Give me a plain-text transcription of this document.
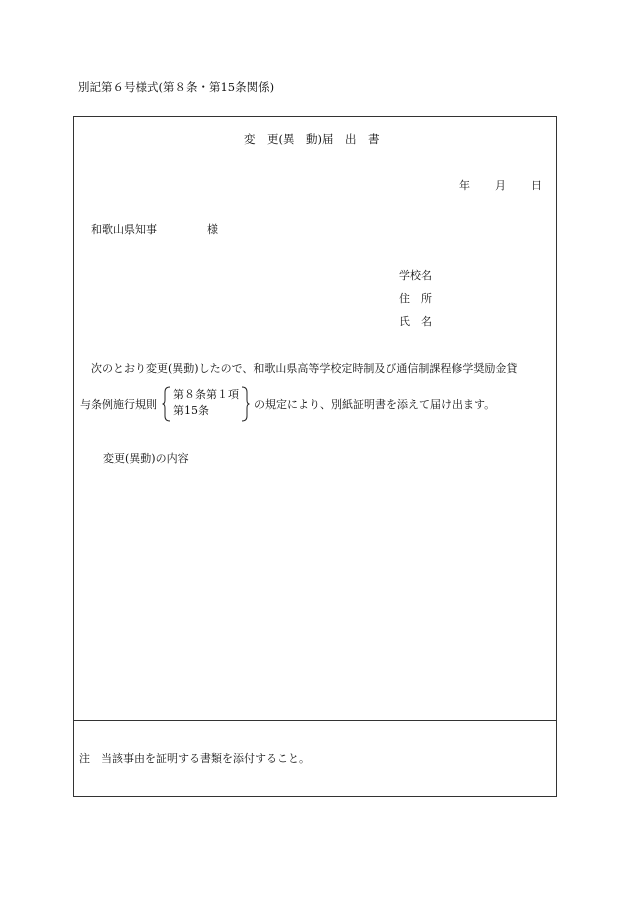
別記第６号様式(第８条・第15条関係)
変　更(異　動)届　出　書
年 月 日
和歌山県知事	様
学校名
住　所
氏　名
次のとおり変更(異動)したので、和歌山県高等学校定時制及び通信制課程修学奨励金貸
与条例施行規則
第８条第１項
第15条	の規定により、別紙証明書を添えて届け出ます。
変更(異動)の内容
注　当該事由を証明する書類を添付すること。
